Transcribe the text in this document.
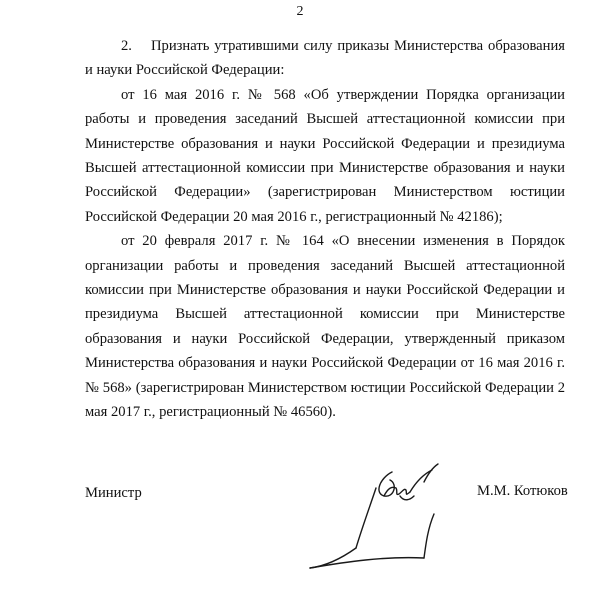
2

2. Признать утратившими силу приказы Министерства образования и науки Российской Федерации:

от 16 мая 2016 г. № 568 «Об утверждении Порядка организации работы и проведения заседаний Высшей аттестационной комиссии при Министерстве образования и науки Российской Федерации и президиума Высшей аттестационной комиссии при Министерстве образования и науки Российской Федерации» (зарегистрирован Министерством юстиции Российской Федерации 20 мая 2016 г., регистрационный № 42186);

от 20 февраля 2017 г. № 164 «О внесении изменения в Порядок организации работы и проведения заседаний Высшей аттестационной комиссии при Министерстве образования и науки Российской Федерации и президиума Высшей аттестационной комиссии при Министерстве образования и науки Российской Федерации, утвержденный приказом Министерства образования и науки Российской Федерации от 16 мая 2016 г. № 568» (зарегистрирован Министерством юстиции Российской Федерации 2 мая 2017 г., регистрационный № 46560).

Министр	М.М. Котюков
